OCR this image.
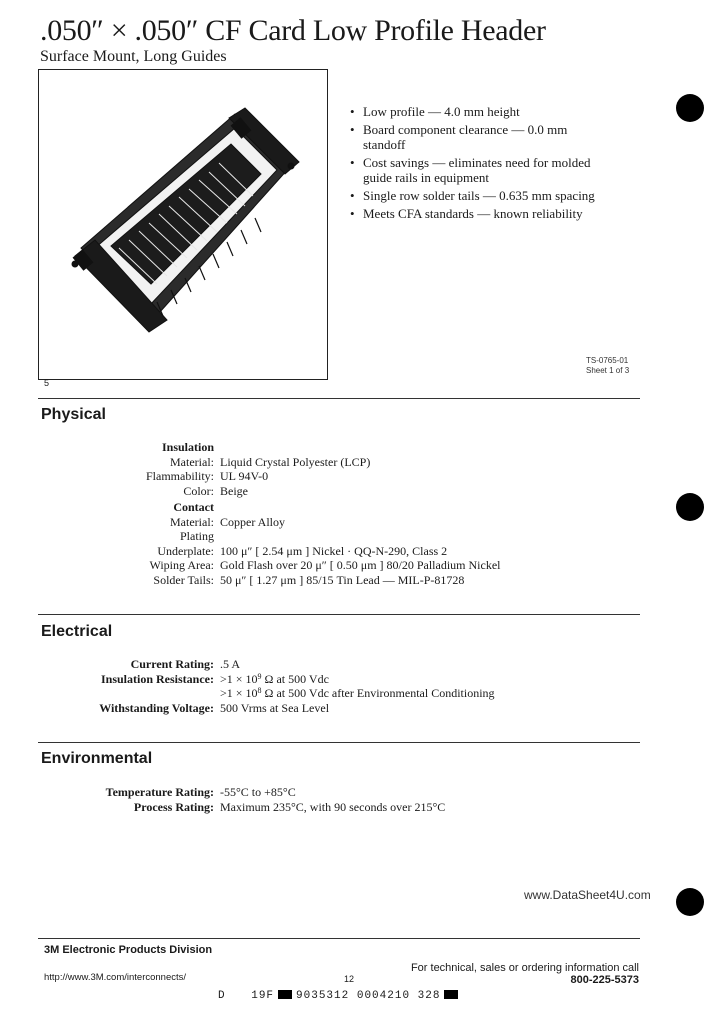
.050″ × .050″ CF Card Low Profile Header
Surface Mount, Long Guides
5
• Low profile — 4.0 mm height
• Board component clearance — 0.0 mm standoff
• Cost savings — eliminates need for molded guide rails in equipment
• Single row solder tails — 0.635 mm spacing
• Meets CFA standards — known reliability
TS-0765-01
Sheet 1 of 3
Physical
Insulation
Material: Liquid Crystal Polyester (LCP)
Flammability: UL 94V-0
Color: Beige
Contact
Material: Copper Alloy
Plating
Underplate: 100 μ″ [ 2.54 μm ] Nickel · QQ-N-290, Class 2
Wiping Area: Gold Flash over 20 μ″ [ 0.50 μm ] 80/20 Palladium Nickel
Solder Tails: 50 μ″ [ 1.27 μm ] 85/15 Tin Lead — MIL-P-81728
Electrical
Current Rating: .5 A
Insulation Resistance: $>1 \times 10^9$ Ω at 500 Vdc
$>1 \times 10^8$ Ω at 500 Vdc after Environmental Conditioning
Withstanding Voltage: 500 Vrms at Sea Level
Environmental
Temperature Rating: -55°C to +85°C
Process Rating: Maximum 235°C, with 90 seconds over 215°C
www.DataSheet4U.com
3M Electronic Products Division
http://www.3M.com/interconnects/	12
For technical, sales or ordering information call
800-225-5373
D 19F 9035312 0004210 328
